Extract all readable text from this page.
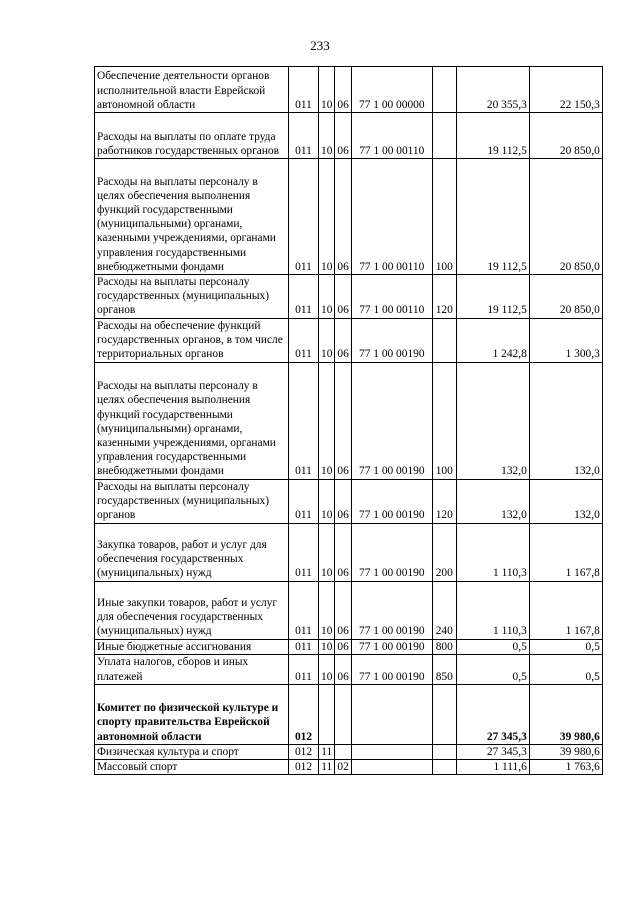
233
Обеспечение деятельности органов исполнительной власти Еврейской автономной области	011	10	06	77 1 00 00000		20 355,3	22 150,3
Расходы на выплаты по оплате труда работников государственных органов	011	10	06	77 1 00 00110		19 112,5	20 850,0
Расходы на выплаты персоналу в целях обеспечения выполнения функций государственными (муниципальными) органами, казенными учреждениями, органами управления государственными внебюджетными фондами	011	10	06	77 1 00 00110	100	19 112,5	20 850,0
Расходы на выплаты персоналу государственных (муниципальных) органов	011	10	06	77 1 00 00110	120	19 112,5	20 850,0
Расходы на обеспечение функций государственных органов, в том числе территориальных органов	011	10	06	77 1 00 00190		1 242,8	1 300,3
Расходы на выплаты персоналу в целях обеспечения выполнения функций государственными (муниципальными) органами, казенными учреждениями, органами управления государственными внебюджетными фондами	011	10	06	77 1 00 00190	100	132,0	132,0
Расходы на выплаты персоналу государственных (муниципальных) органов	011	10	06	77 1 00 00190	120	132,0	132,0
Закупка товаров, работ и услуг для обеспечения государственных (муниципальных) нужд	011	10	06	77 1 00 00190	200	1 110,3	1 167,8
Иные закупки товаров, работ и услуг для обеспечения государственных (муниципальных) нужд	011	10	06	77 1 00 00190	240	1 110,3	1 167,8
Иные бюджетные ассигнования	011	10	06	77 1 00 00190	800	0,5	0,5
Уплата налогов, сборов и иных платежей	011	10	06	77 1 00 00190	850	0,5	0,5
Комитет по физической культуре и спорту правительства Еврейской автономной области	012					27 345,3	39 980,6
Физическая культура и спорт	012	11				27 345,3	39 980,6
Массовый спорт	012	11	02			1 111,6	1 763,6
